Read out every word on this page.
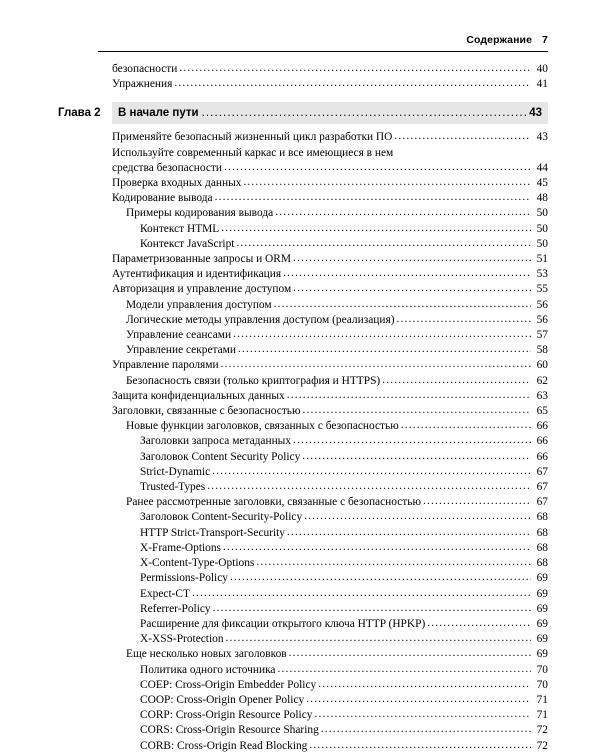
Содержание 7
безопасности .....	40
Упражнения .....	41
Глава 2	В начале пути .....	43
Применяйте безопасный жизненный цикл разработки ПО .....	43
Используйте современный каркас и все имеющиеся в нем
средства безопасности .....	44
Проверка входных данных .....	45
Кодирование вывода .....	48
Примеры кодирования вывода .....	50
Контекст HTML .....	50
Контекст JavaScript .....	50
Параметризованные запросы и ORM .....	51
Аутентификация и идентификация .....	53
Авторизация и управление доступом .....	55
Модели управления доступом .....	56
Логические методы управления доступом (реализация) .....	56
Управление сеансами .....	57
Управление секретами .....	58
Управление паролями .....	60
Безопасность связи (только криптография и HTTPS) .....	62
Защита конфиденциальных данных .....	63
Заголовки, связанные с безопасностью .....	65
Новые функции заголовков, связанных с безопасностью .....	66
Заголовки запроса метаданных .....	66
Заголовок Content Security Policy .....	66
Strict-Dynamic .....	67
Trusted-Types .....	67
Ранее рассмотренные заголовки, связанные с безопасностью .....	67
Заголовок Content-Security-Policy .....	68
HTTP Strict-Transport-Security .....	68
X-Frame-Options .....	68
X-Content-Type-Options .....	68
Permissions-Policy .....	69
Expect-CT .....	69
Referrer-Policy .....	69
Расширение для фиксации открытого ключа HTTP (HPKP) .....	69
X-XSS-Protection .....	69
Еще несколько новых заголовков .....	69
Политика одного источника .....	70
COEP: Cross-Origin Embedder Policy .....	70
COOP: Cross-Origin Opener Policy .....	71
CORP: Cross-Origin Resource Policy .....	71
CORS: Cross-Origin Resource Sharing .....	72
CORB: Cross-Origin Read Blocking .....	72
